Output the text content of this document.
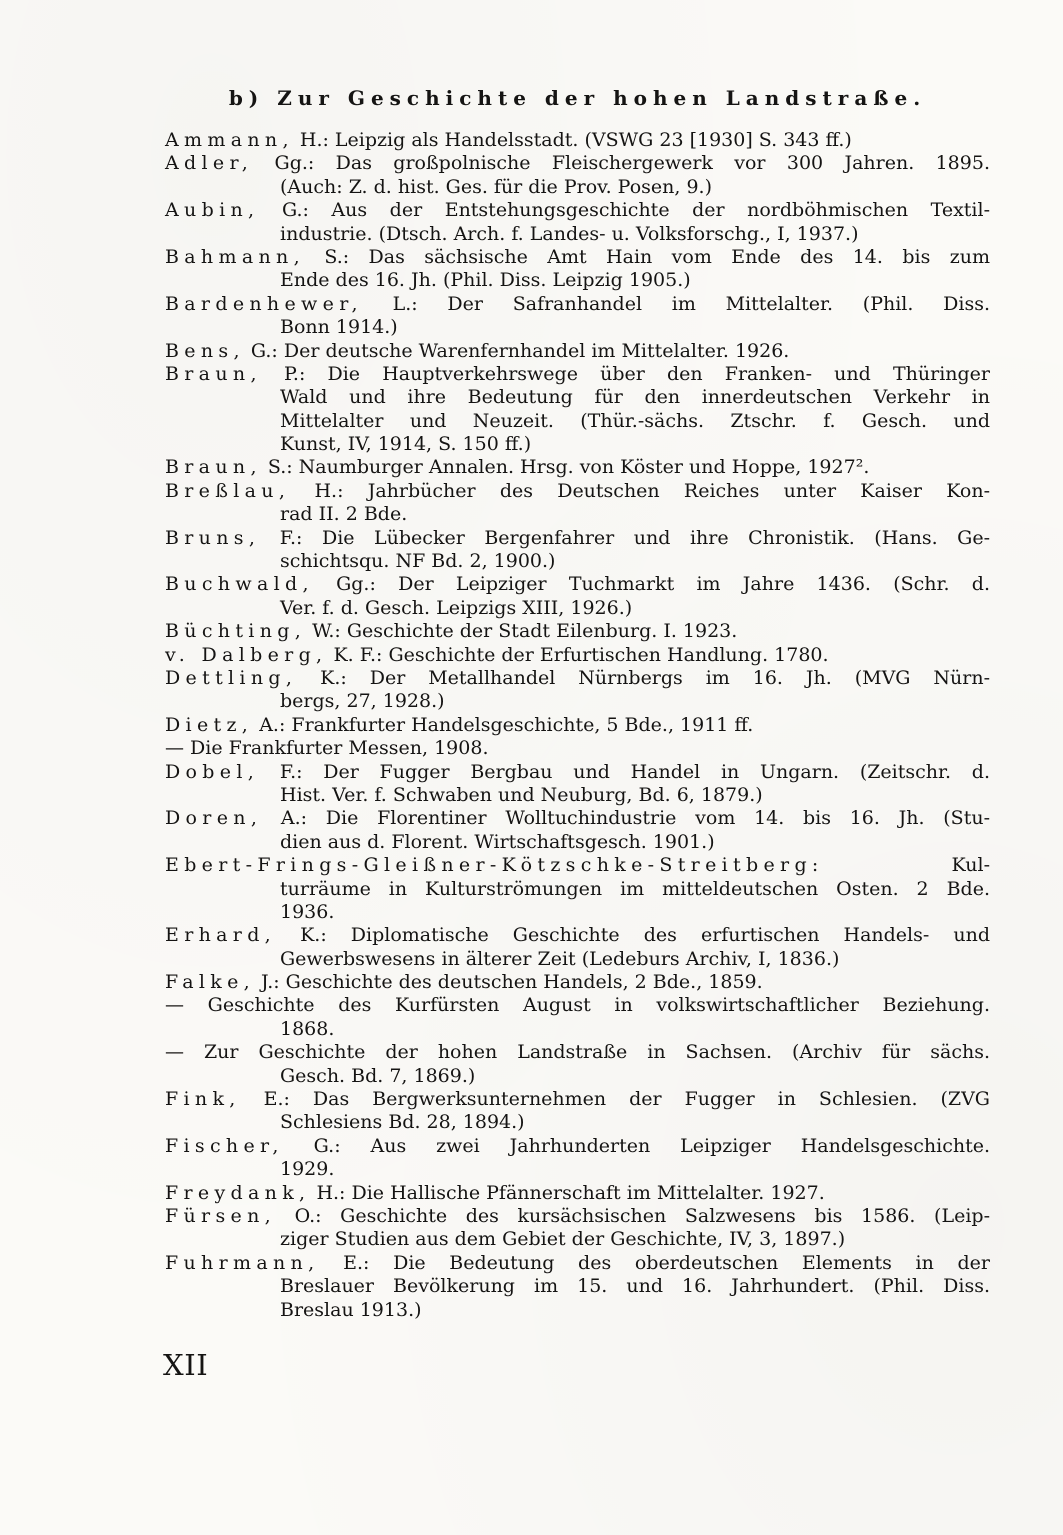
b) Zur Geschichte der hohen Landstraße.
Ammann, H.: Leipzig als Handelsstadt. (VSWG 23 [1930] S. 343 ff.)
Adler, Gg.: Das großpolnische Fleischergewerk vor 300 Jahren. 1895.
(Auch: Z. d. hist. Ges. für die Prov. Posen, 9.)
Aubin, G.: Aus der Entstehungsgeschichte der nordböhmischen Textil-
industrie. (Dtsch. Arch. f. Landes- u. Volksforschg., I, 1937.)
Bahmann, S.: Das sächsische Amt Hain vom Ende des 14. bis zum
Ende des 16. Jh. (Phil. Diss. Leipzig 1905.)
Bardenhewer, L.: Der Safranhandel im Mittelalter. (Phil. Diss.
Bonn 1914.)
Bens, G.: Der deutsche Warenfernhandel im Mittelalter. 1926.
Braun, P.: Die Hauptverkehrswege über den Franken- und Thüringer
Wald und ihre Bedeutung für den innerdeutschen Verkehr in
Mittelalter und Neuzeit. (Thür.-sächs. Ztschr. f. Gesch. und
Kunst, IV, 1914, S. 150 ff.)
Braun, S.: Naumburger Annalen. Hrsg. von Köster und Hoppe, 1927².
Breßlau, H.: Jahrbücher des Deutschen Reiches unter Kaiser Kon-
rad II. 2 Bde.
Bruns, F.: Die Lübecker Bergenfahrer und ihre Chronistik. (Hans. Ge-
schichtsqu. NF Bd. 2, 1900.)
Buchwald, Gg.: Der Leipziger Tuchmarkt im Jahre 1436. (Schr. d.
Ver. f. d. Gesch. Leipzigs XIII, 1926.)
Büchting, W.: Geschichte der Stadt Eilenburg. I. 1923.
v. Dalberg, K. F.: Geschichte der Erfurtischen Handlung. 1780.
Dettling, K.: Der Metallhandel Nürnbergs im 16. Jh. (MVG Nürn-
bergs, 27, 1928.)
Dietz, A.: Frankfurter Handelsgeschichte, 5 Bde., 1911 ff.
— Die Frankfurter Messen, 1908.
Dobel, F.: Der Fugger Bergbau und Handel in Ungarn. (Zeitschr. d.
Hist. Ver. f. Schwaben und Neuburg, Bd. 6, 1879.)
Doren, A.: Die Florentiner Wolltuchindustrie vom 14. bis 16. Jh. (Stu-
dien aus d. Florent. Wirtschaftsgesch. 1901.)
Ebert-Frings-Gleißner-Kötzschke-Streitberg: Kul-
turräume in Kulturströmungen im mitteldeutschen Osten. 2 Bde.
1936.
Erhard, K.: Diplomatische Geschichte des erfurtischen Handels- und
Gewerbswesens in älterer Zeit (Ledeburs Archiv, I, 1836.)
Falke, J.: Geschichte des deutschen Handels, 2 Bde., 1859.
— Geschichte des Kurfürsten August in volkswirtschaftlicher Beziehung.
1868.
— Zur Geschichte der hohen Landstraße in Sachsen. (Archiv für sächs.
Gesch. Bd. 7, 1869.)
Fink, E.: Das Bergwerksunternehmen der Fugger in Schlesien. (ZVG
Schlesiens Bd. 28, 1894.)
Fischer, G.: Aus zwei Jahrhunderten Leipziger Handelsgeschichte.
1929.
Freydank, H.: Die Hallische Pfännerschaft im Mittelalter. 1927.
Fürsen, O.: Geschichte des kursächsischen Salzwesens bis 1586. (Leip-
ziger Studien aus dem Gebiet der Geschichte, IV, 3, 1897.)
Fuhrmann, E.: Die Bedeutung des oberdeutschen Elements in der
Breslauer Bevölkerung im 15. und 16. Jahrhundert. (Phil. Diss.
Breslau 1913.)
XII
